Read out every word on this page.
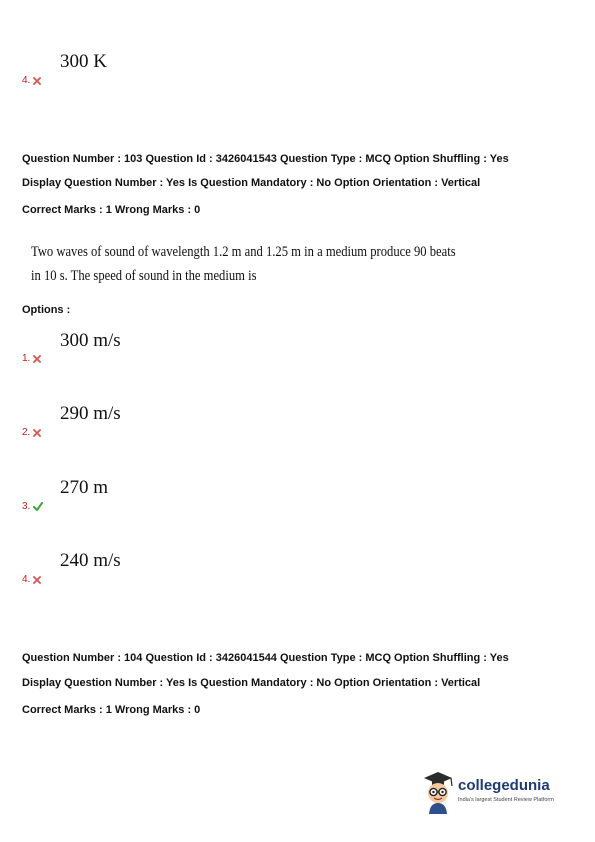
300 K
4.
Question Number : 103 Question Id : 3426041543 Question Type : MCQ Option Shuffling : Yes
Display Question Number : Yes Is Question Mandatory : No Option Orientation : Vertical
Correct Marks : 1 Wrong Marks : 0
Two waves of sound of wavelength 1.2 m and 1.25 m in a medium produce 90 beats
in 10 s. The speed of sound in the medium is
Options :
300 m/s
1.
290 m/s
2.
270 m
3.
240 m/s
4.
Question Number : 104 Question Id : 3426041544 Question Type : MCQ Option Shuffling : Yes
Display Question Number : Yes Is Question Mandatory : No Option Orientation : Vertical
Correct Marks : 1 Wrong Marks : 0
collegedunia
India's largest Student Review Platform
